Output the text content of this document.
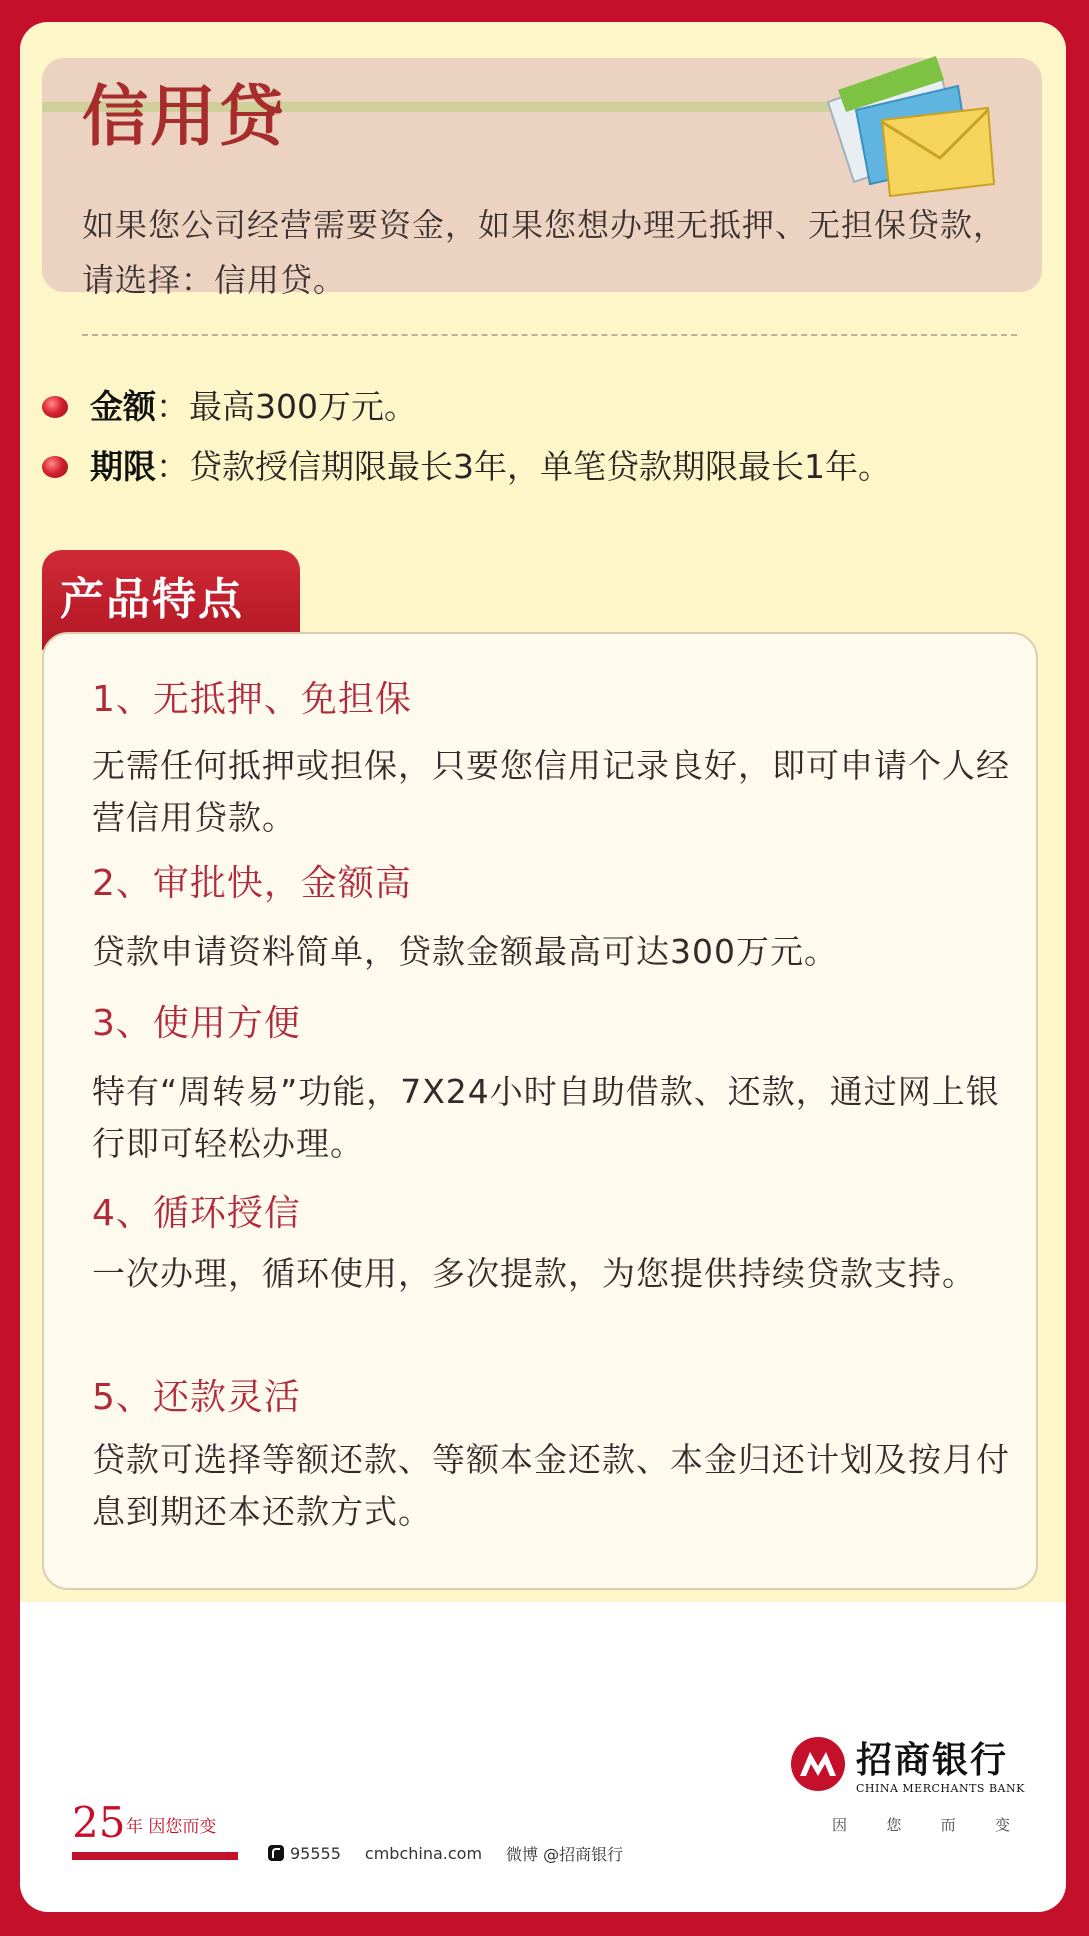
信用贷

如果您公司经营需要资金，如果您想办理无抵押、无担保贷款，请选择：信用贷。

金额：最高300万元。
期限：贷款授信期限最长3年，单笔贷款期限最长1年。
产品特点

1、无抵押、免担保

无需任何抵押或担保，只要您信用记录良好，即可申请个人经营信用贷款。

2、审批快，金额高

贷款申请资料简单，贷款金额最高可达300万元。

3、使用方便

特有“周转易”功能，7X24小时自助借款、还款，通过网上银行即可轻松办理。

4、循环授信

一次办理，循环使用，多次提款，为您提供持续贷款支持。

5、还款灵活

贷款可选择等额还款、等额本金还款、本金归还计划及按月付息到期还本还款方式。

25 年 因您而变

95555 cmbchina.com 微博 @招商银行

招商银行

CHINA MERCHANTS BANK

因	您	而	变
